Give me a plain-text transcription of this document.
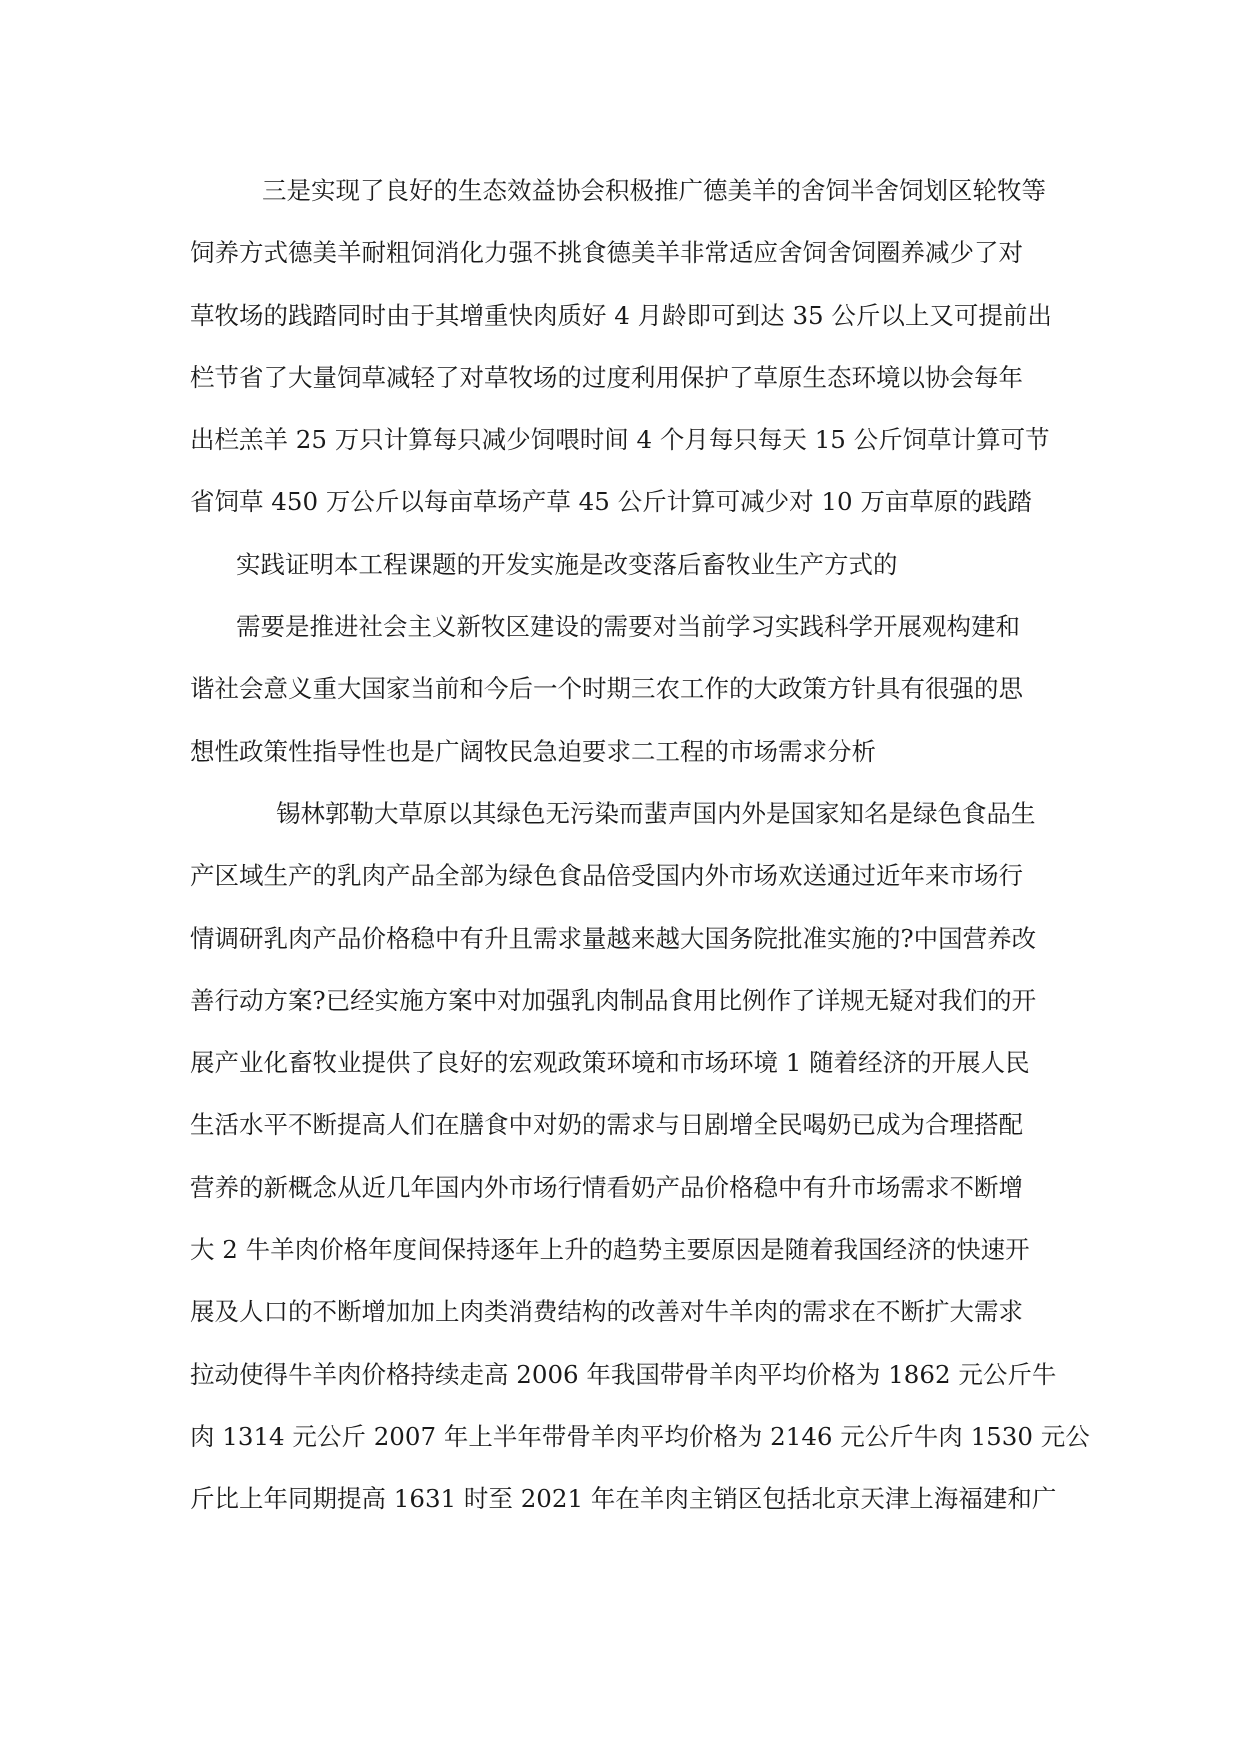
三是实现了良好的生态效益协会积极推广德美羊的舍饲半舍饲划区轮牧等
饲养方式德美羊耐粗饲消化力强不挑食德美羊非常适应舍饲舍饲圈养减少了对
草牧场的践踏同时由于其增重快肉质好 4 月龄即可到达 35 公斤以上又可提前出
栏节省了大量饲草减轻了对草牧场的过度利用保护了草原生态环境以协会每年
出栏羔羊 25 万只计算每只减少饲喂时间 4 个月每只每天 15 公斤饲草计算可节
省饲草 450 万公斤以每亩草场产草 45 公斤计算可减少对 10 万亩草原的践踏
实践证明本工程课题的开发实施是改变落后畜牧业生产方式的
需要是推进社会主义新牧区建设的需要对当前学习实践科学开展观构建和
谐社会意义重大国家当前和今后一个时期三农工作的大政策方针具有很强的思
想性政策性指导性也是广阔牧民急迫要求二工程的市场需求分析
锡林郭勒大草原以其绿色无污染而蜚声国内外是国家知名是绿色食品生
产区域生产的乳肉产品全部为绿色食品倍受国内外市场欢送通过近年来市场行
情调研乳肉产品价格稳中有升且需求量越来越大国务院批准实施的?中国营养改
善行动方案?已经实施方案中对加强乳肉制品食用比例作了详规无疑对我们的开
展产业化畜牧业提供了良好的宏观政策环境和市场环境 1 随着经济的开展人民
生活水平不断提高人们在膳食中对奶的需求与日剧增全民喝奶已成为合理搭配
营养的新概念从近几年国内外市场行情看奶产品价格稳中有升市场需求不断增
大 2 牛羊肉价格年度间保持逐年上升的趋势主要原因是随着我国经济的快速开
展及人口的不断增加加上肉类消费结构的改善对牛羊肉的需求在不断扩大需求
拉动使得牛羊肉价格持续走高 2006 年我国带骨羊肉平均价格为 1862 元公斤牛
肉 1314 元公斤 2007 年上半年带骨羊肉平均价格为 2146 元公斤牛肉 1530 元公
斤比上年同期提高 1631 时至 2021 年在羊肉主销区包括北京天津上海福建和广
